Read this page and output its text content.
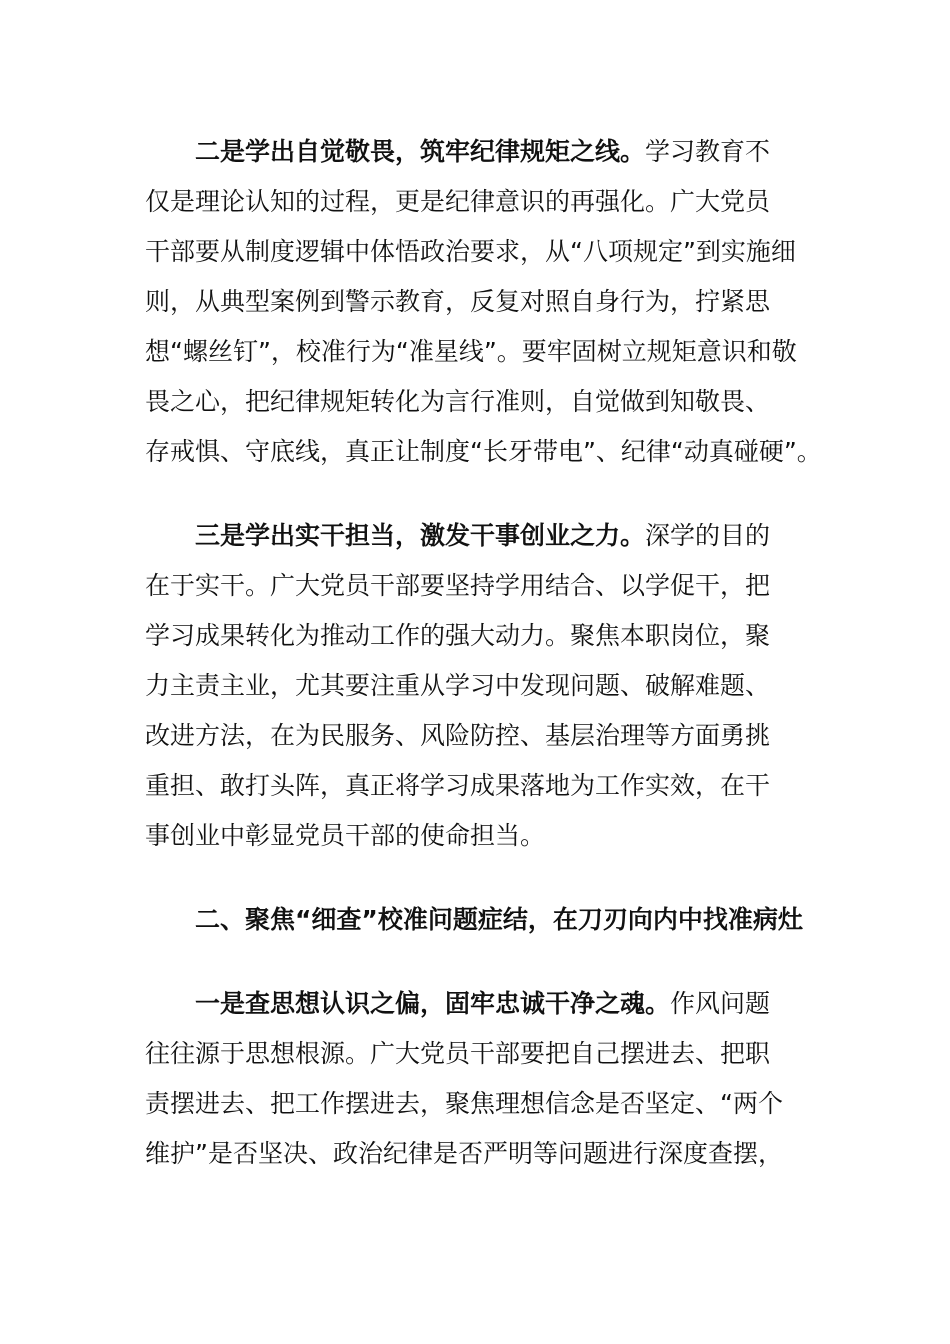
二是学出自觉敬畏，筑牢纪律规矩之线。学习教育不
仅是理论认知的过程，更是纪律意识的再强化。广大党员
干部要从制度逻辑中体悟政治要求，从“八项规定”到实施细
则，从典型案例到警示教育，反复对照自身行为，拧紧思
想“螺丝钉”，校准行为“准星线”。要牢固树立规矩意识和敬
畏之心，把纪律规矩转化为言行准则，自觉做到知敬畏、
存戒惧、守底线，真正让制度“长牙带电”、纪律“动真碰硬”。
三是学出实干担当，激发干事创业之力。深学的目的
在于实干。广大党员干部要坚持学用结合、以学促干，把
学习成果转化为推动工作的强大动力。聚焦本职岗位，聚
力主责主业，尤其要注重从学习中发现问题、破解难题、
改进方法，在为民服务、风险防控、基层治理等方面勇挑
重担、敢打头阵，真正将学习成果落地为工作实效，在干
事创业中彰显党员干部的使命担当。
二、聚焦“细查”校准问题症结，在刀刃向内中找准病灶
一是查思想认识之偏，固牢忠诚干净之魂。作风问题
往往源于思想根源。广大党员干部要把自己摆进去、把职
责摆进去、把工作摆进去，聚焦理想信念是否坚定、“两个
维护”是否坚决、政治纪律是否严明等问题进行深度查摆，
